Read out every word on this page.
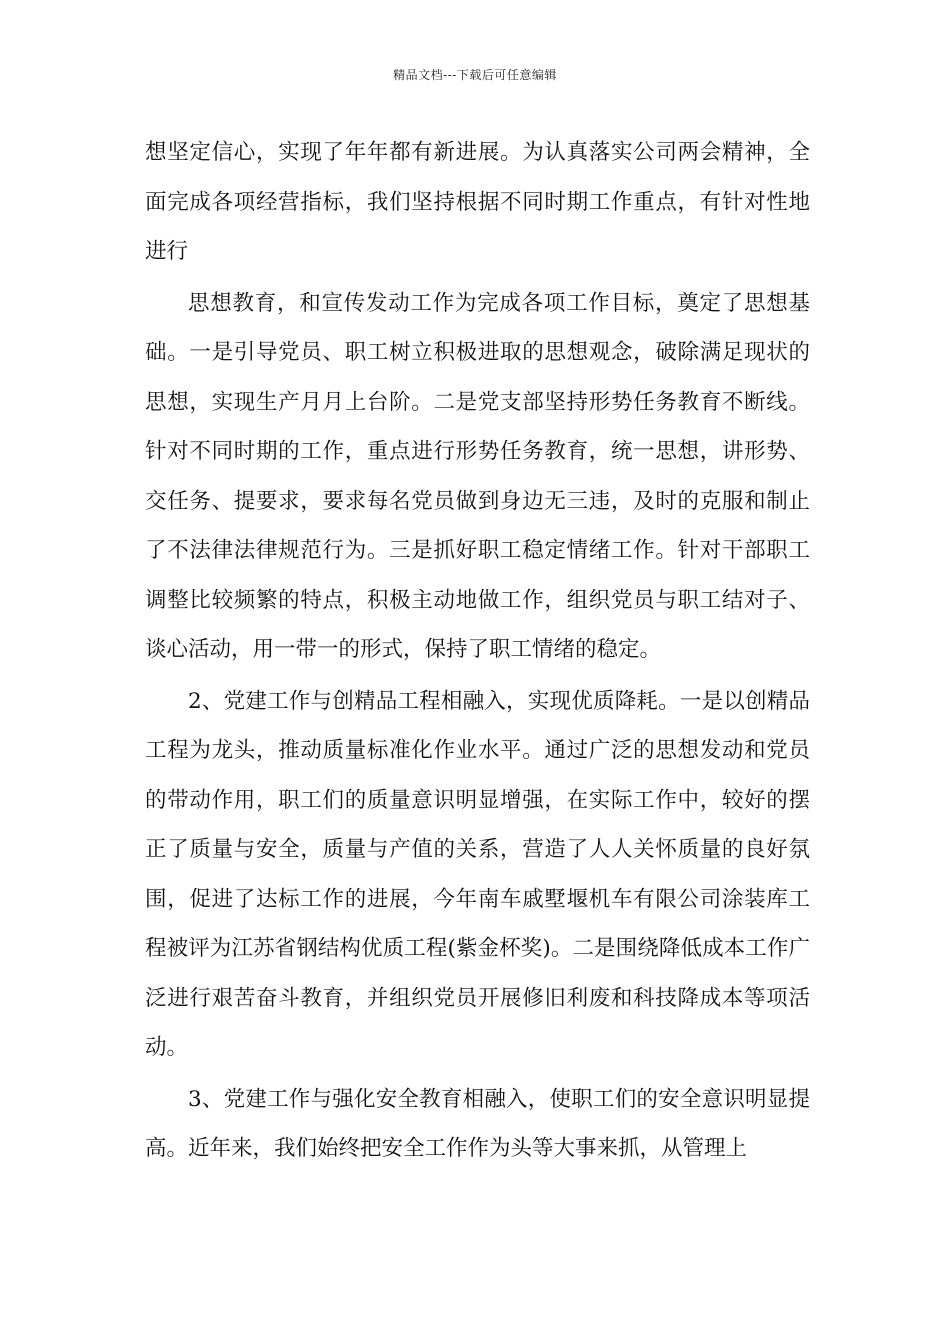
精品文档---下载后可任意编辑

想坚定信心，实现了年年都有新进展。为认真落实公司两会精神，全面完成各项经营指标，我们坚持根据不同时期工作重点，有针对性地进行

思想教育，和宣传发动工作为完成各项工作目标，奠定了思想基础。一是引导党员、职工树立积极进取的思想观念，破除满足现状的思想，实现生产月月上台阶。二是党支部坚持形势任务教育不断线。针对不同时期的工作，重点进行形势任务教育，统一思想，讲形势、交任务、提要求，要求每名党员做到身边无三违，及时的克服和制止了不法律法律规范行为。三是抓好职工稳定情绪工作。针对干部职工调整比较频繁的特点，积极主动地做工作，组织党员与职工结对子、谈心活动，用一带一的形式，保持了职工情绪的稳定。

2、党建工作与创精品工程相融入，实现优质降耗。一是以创精品工程为龙头，推动质量标准化作业水平。通过广泛的思想发动和党员的带动作用，职工们的质量意识明显增强，在实际工作中，较好的摆正了质量与安全，质量与产值的关系，营造了人人关怀质量的良好氛围，促进了达标工作的进展，今年南车戚墅堰机车有限公司涂装库工程被评为江苏省钢结构优质工程(紫金杯奖)。二是围绕降低成本工作广泛进行艰苦奋斗教育，并组织党员开展修旧利废和科技降成本等项活动。

3、党建工作与强化安全教育相融入，使职工们的安全意识明显提高。近年来，我们始终把安全工作作为头等大事来抓，从管理上
